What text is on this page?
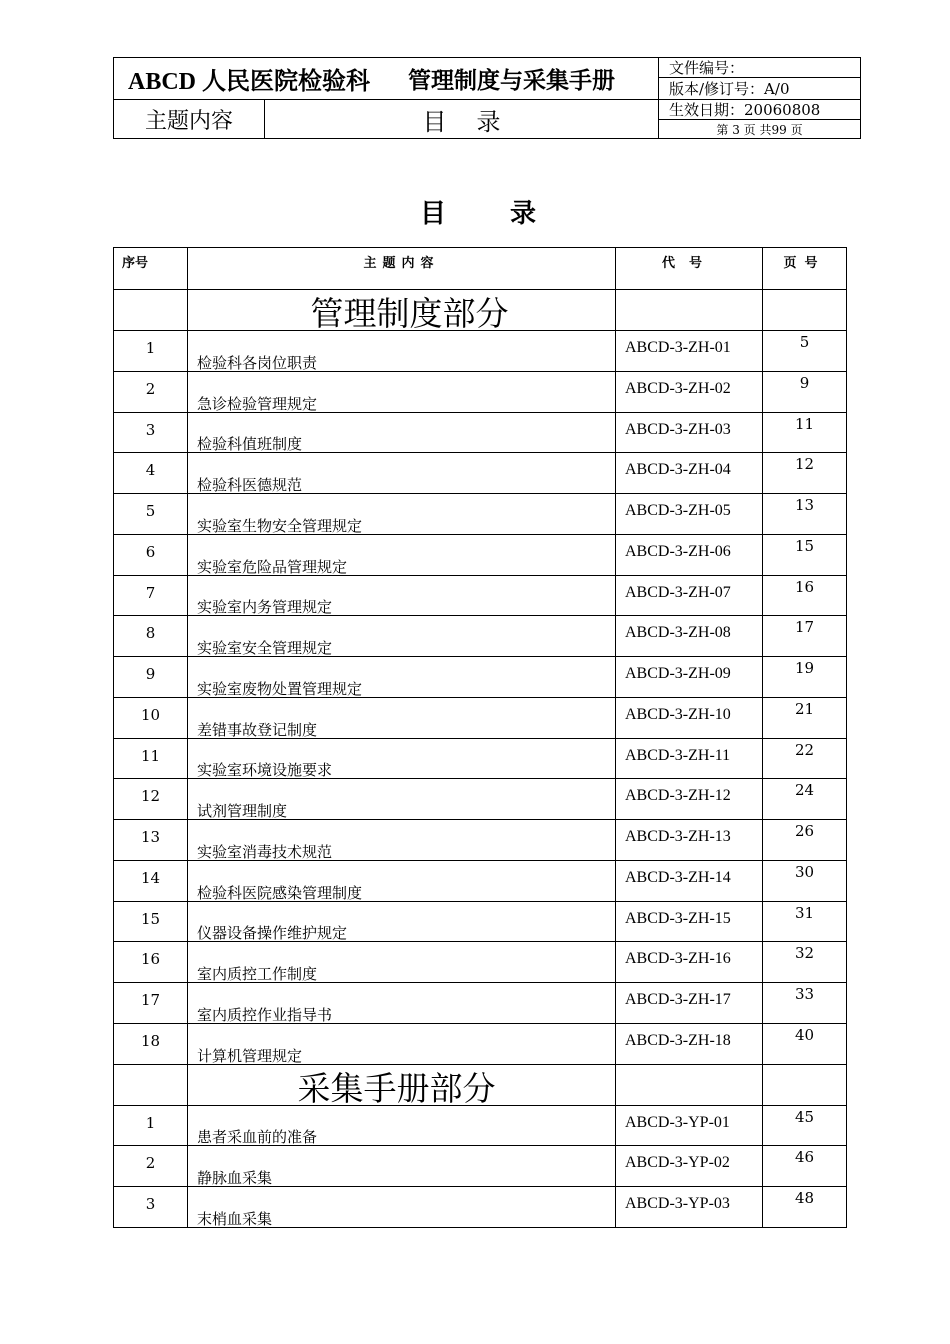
ABCD 人民医院检验科 管理制度与采集手册
主题内容	目录
文件编号：
版本/修订号：A/0
生效日期：20060808
第 3 页 共99 页
目录
序号	主题内容	代号	页号
	管理制度部分		
1	检验科各岗位职责	ABCD-3-ZH-01	5
2	急诊检验管理规定	ABCD-3-ZH-02	9
3	检验科值班制度	ABCD-3-ZH-03	11
4	检验科医德规范	ABCD-3-ZH-04	12
5	实验室生物安全管理规定	ABCD-3-ZH-05	13
6	实验室危险品管理规定	ABCD-3-ZH-06	15
7	实验室内务管理规定	ABCD-3-ZH-07	16
8	实验室安全管理规定	ABCD-3-ZH-08	17
9	实验室废物处置管理规定	ABCD-3-ZH-09	19
10	差错事故登记制度	ABCD-3-ZH-10	21
11	实验室环境设施要求	ABCD-3-ZH-11	22
12	试剂管理制度	ABCD-3-ZH-12	24
13	实验室消毒技术规范	ABCD-3-ZH-13	26
14	检验科医院感染管理制度	ABCD-3-ZH-14	30
15	仪器设备操作维护规定	ABCD-3-ZH-15	31
16	室内质控工作制度	ABCD-3-ZH-16	32
17	室内质控作业指导书	ABCD-3-ZH-17	33
18	计算机管理规定	ABCD-3-ZH-18	40
	采集手册部分		
1	患者采血前的准备	ABCD-3-YP-01	45
2	静脉血采集	ABCD-3-YP-02	46
3	末梢血采集	ABCD-3-YP-03	48
